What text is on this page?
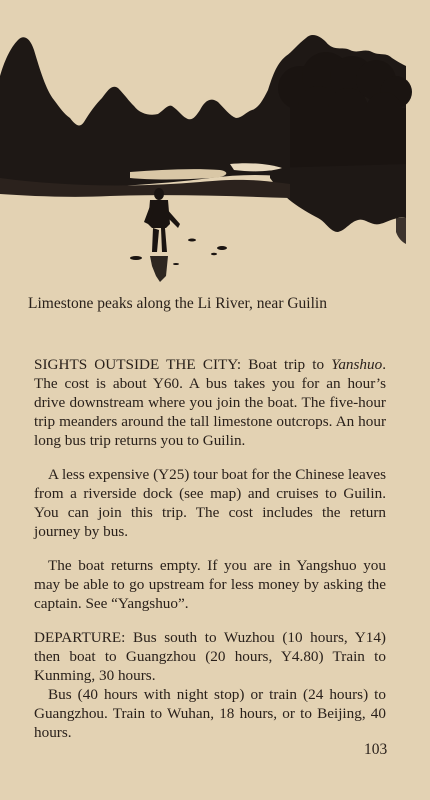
Limestone peaks along the Li River, near Guilin

SIGHTS OUTSIDE THE CITY: Boat trip to Yanshuo. The cost is about Y60. A bus takes you for an hour’s drive downstream where you join the boat. The five-hour trip meanders around the tall limestone outcrops. An hour long bus trip returns you to Guilin.

A less expensive (Y25) tour boat for the Chinese leaves from a riverside dock (see map) and cruises to Guilin. You can join this trip. The cost includes the return journey by bus.

The boat returns empty. If you are in Yangshuo you may be able to go upstream for less money by asking the captain. See “Yangshuo”.

DEPARTURE: Bus south to Wuzhou (10 hours, Y14) then boat to Guangzhou (20 hours, Y4.80) Train to Kunming, 30 hours.

Bus (40 hours with night stop) or train (24 hours) to Guangzhou. Train to Wuhan, 18 hours, or to Beijing, 40 hours.

103
